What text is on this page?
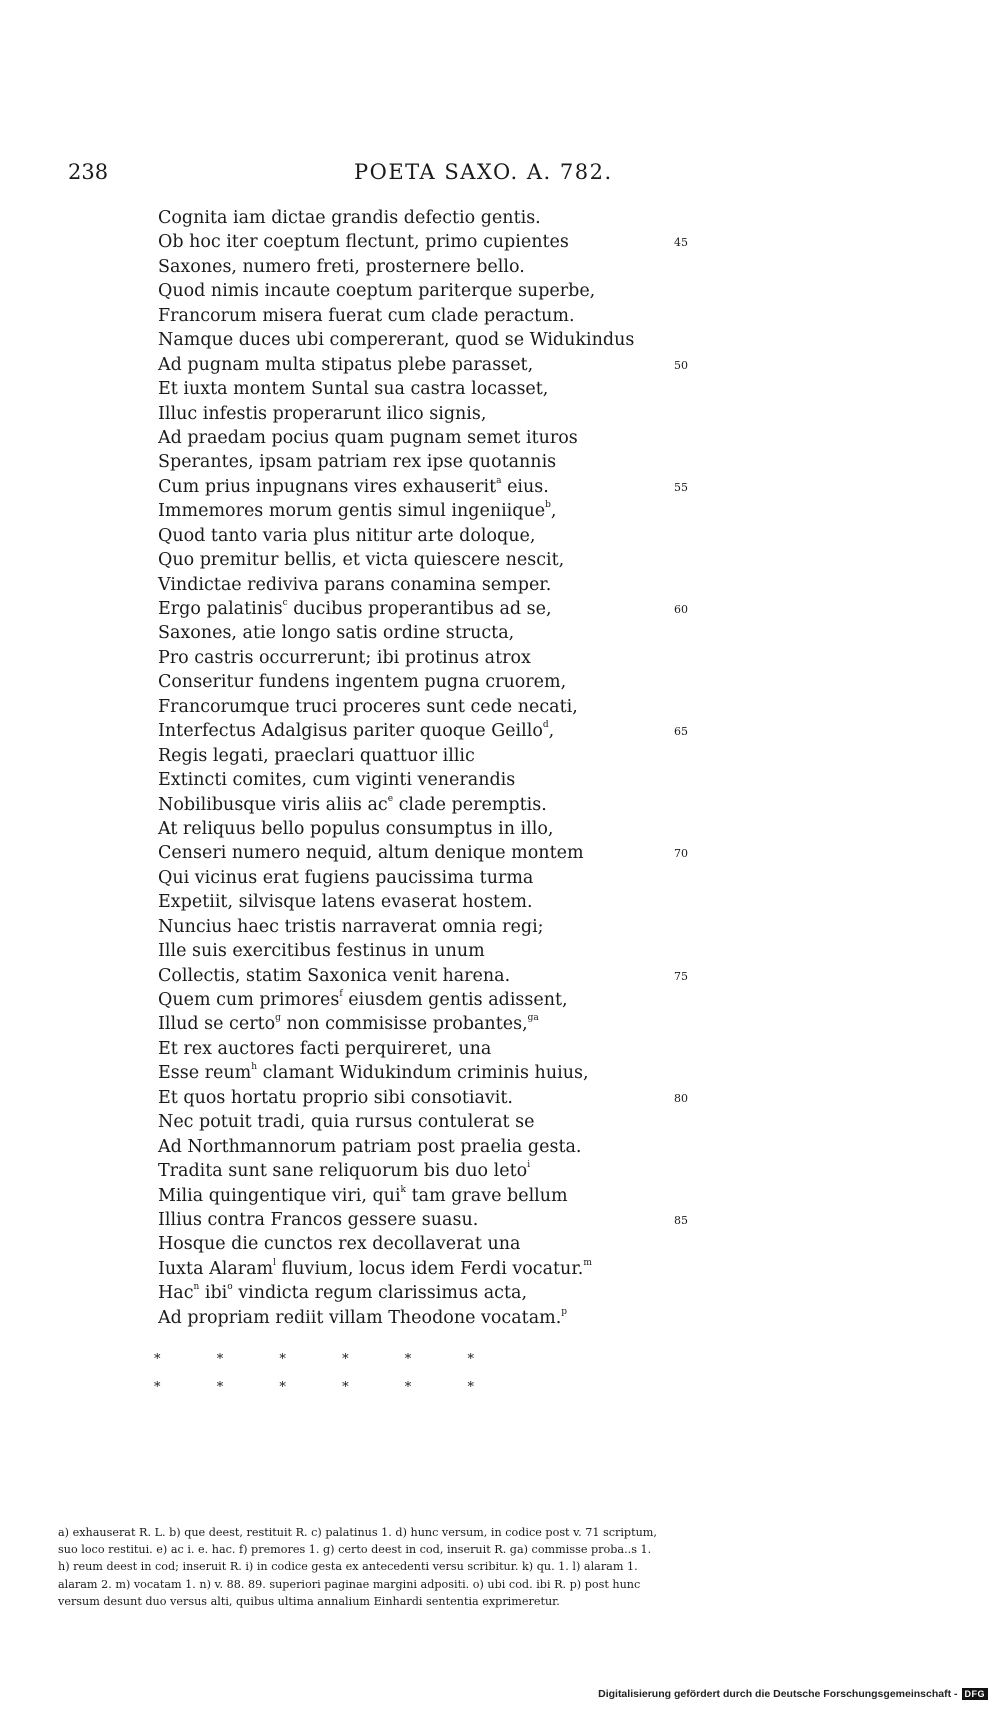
238	POETA SAXO. A. 782.
Cognita iam dictae grandis defectio gentis.
Ob hoc iter coeptum flectunt, primo cupientes	45
Saxones, numero freti, prosternere bello.
Quod nimis incaute coeptum pariterque superbe,
Francorum misera fuerat cum clade peractum.
Namque duces ubi compererant, quod se Widukindus
Ad pugnam multa stipatus plebe parasset,	50
Et iuxta montem Suntal sua castra locasset,
Illuc infestis properarunt ilico signis,
Ad praedam pocius quam pugnam semet ituros
Sperantes, ipsam patriam rex ipse quotannis
Cum prius inpugnans vires exhauserit$^a$ eius.	55
Immemores morum gentis simul ingeniique$^b$,
Quod tanto varia plus nititur arte doloque,
Quo premitur bellis, et victa quiescere nescit,
Vindictae rediviva parans conamina semper.
Ergo palatinis$^c$ ducibus properantibus ad se,	60
Saxones, atie longo satis ordine structa,
Pro castris occurrerunt; ibi protinus atrox
Conseritur fundens ingentem pugna cruorem,
Francorumque truci proceres sunt cede necati,
Interfectus Adalgisus pariter quoque Geillo$^d$,	65
Regis legati, praeclari quattuor illic
Extincti comites, cum viginti venerandis
Nobilibusque viris aliis $ac^e$ clade peremptis.
At reliquus bello populus consumptus in illo,
Censeri numero nequid, altum denique montem	70
Qui vicinus erat fugiens paucissima turma
Expetiit, silvisque latens evaserat hostem.
Nuncius haec tristis narraverat omnia regi;
Ille suis exercitibus festinus in unum
Collectis, statim Saxonica venit harena.	75
Quem cum primores$^f$ eiusdem gentis adissent,
Illud se certo$^g$ non commisisse probantes,$^{ga}$
Et rex auctores facti perquireret, una
Esse reum$^h$ clamant Widukindum criminis huius,
Et quos hortatu proprio sibi consotiavit.	80
Nec potuit tradi, quia rursus contulerat se
Ad Northmannorum patriam post praelia gesta.
Tradita sunt sane reliquorum bis duo leto$^i$
Milia quingentique viri, qui$^k$ tam grave bellum
Illius contra Francos gessere suasu.	85
Hosque die cunctos rex decollaverat una
Iuxta Alaram$^l$ fluvium, locus idem Ferdi vocatur.$^m$
Hac$^n$ ibi$^o$ vindicta regum clarissimus acta,
Ad propriam rediit villam Theodone vocatam.$^p$
*	*	*	*	*	*
*	*	*	*	*	*

a) exhauserat R. L. b) que deest, restituit R. c) palatinus 1. d) hunc versum, in codice post v. 71 scriptum,

suo loco restitui. e) ac i. e. hac. f) premores 1. g) certo deest in cod, inseruit R. ga) commisse proba..s 1.

h) reum deest in cod; inseruit R. i) in codice gesta ex antecedenti versu scribitur. k) qu. 1. l) alaram 1.

alaram 2. m) vocatam 1. n) v. 88. 89. superiori paginae margini adpositi. o) ubi cod. ibi R. p) post hunc

versum desunt duo versus alti, quibus ultima annalium Einhardi sententia exprimeretur.

Digitalisierung gefördert durch die Deutsche Forschungsgemeinschaft - DFG
